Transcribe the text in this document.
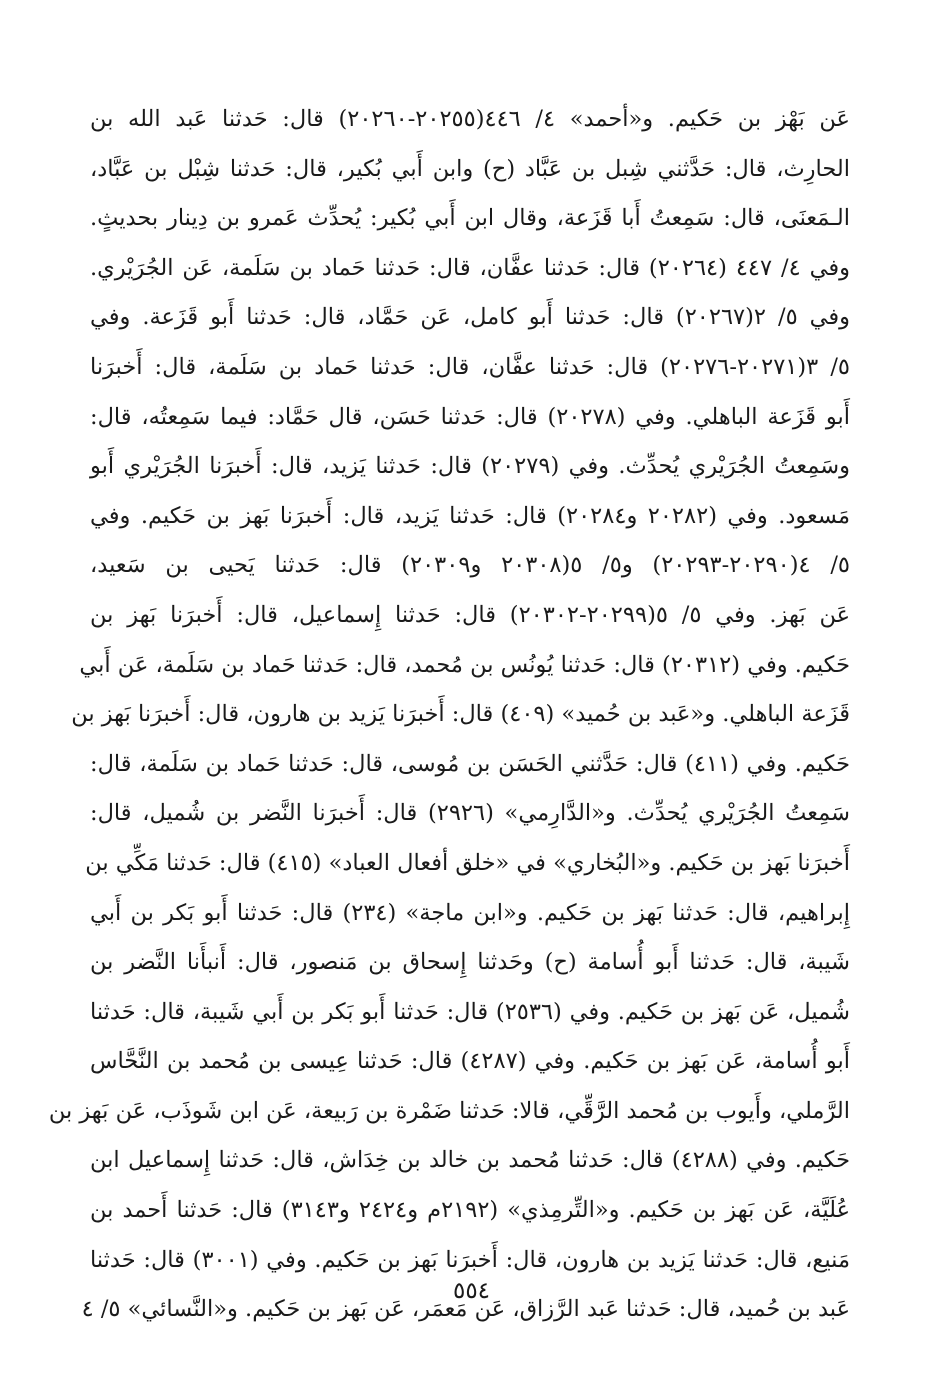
عَن بَهْز بن حَكيم. و«أحمد» ٤/ ٤٤٦(٢٠٢٥٥-٢٠٢٦٠) قال: حَدثنا عَبد الله بن
الحارِث، قال: حَدَّثني شِبل بن عَبَّاد (ح) وابن أَبي بُكير، قال: حَدثنا شِبْل بن عَبَّاد،
الـمَعنَى، قال: سَمِعتُ أَبا قَزَعة، وقال ابن أَبي بُكير: يُحدِّث عَمرو بن دِينار بحديثٍ.
وفي ٤/ ٤٤٧ (٢٠٢٦٤) قال: حَدثنا عفَّان، قال: حَدثنا حَماد بن سَلَمة، عَن الجُرَيْري.
وفي ٥/ ٢(٢٠٢٦٧) قال: حَدثنا أَبو كامل، عَن حَمَّاد، قال: حَدثنا أَبو قَزَعة. وفي
٥/ ٣(٢٠٢٧١-٢٠٢٧٦) قال: حَدثنا عفَّان، قال: حَدثنا حَماد بن سَلَمة، قال: أَخبرَنا
أَبو قَزَعة الباهلي. وفي (٢٠٢٧٨) قال: حَدثنا حَسَن، قال حَمَّاد: فيما سَمِعتُه، قال:
وسَمِعتُ الجُرَيْري يُحدِّث. وفي (٢٠٢٧٩) قال: حَدثنا يَزيد، قال: أَخبرَنا الجُرَيْري أَبو
مَسعود. وفي (٢٠٢٨٢ و٢٠٢٨٤) قال: حَدثنا يَزيد، قال: أَخبرَنا بَهز بن حَكيم. وفي
٥/ ٤(٢٠٢٩٠-٢٠٢٩٣) و٥/ ٥(٢٠٣٠٨ و٢٠٣٠٩) قال: حَدثنا يَحيى بن سَعيد،
عَن بَهز. وفي ٥/ ٥(٢٠٢٩٩-٢٠٣٠٢) قال: حَدثنا إِسماعيل، قال: أَخبرَنا بَهز بن
حَكيم. وفي (٢٠٣١٢) قال: حَدثنا يُونُس بن مُحمد، قال: حَدثنا حَماد بن سَلَمة، عَن أَبي
قَزَعة الباهلي. و«عَبد بن حُميد» (٤٠٩) قال: أَخبرَنا يَزيد بن هارون، قال: أَخبرَنا بَهز بن
حَكيم. وفي (٤١١) قال: حَدَّثني الحَسَن بن مُوسى، قال: حَدثنا حَماد بن سَلَمة، قال:
سَمِعتُ الجُرَيْري يُحدِّث. و«الدَّارِمي» (٢٩٢٦) قال: أَخبرَنا النَّضر بن شُميل، قال:
أَخبرَنا بَهز بن حَكيم. و«البُخاري» في «خلق أفعال العباد» (٤١٥) قال: حَدثنا مَكِّي بن
إِبراهيم، قال: حَدثنا بَهز بن حَكيم. و«ابن ماجة» (٢٣٤) قال: حَدثنا أَبو بَكر بن أَبي
شَيبة، قال: حَدثنا أَبو أُسامة (ح) وحَدثنا إِسحاق بن مَنصور، قال: أَنبأَنا النَّضر بن
شُميل، عَن بَهز بن حَكيم. وفي (٢٥٣٦) قال: حَدثنا أَبو بَكر بن أَبي شَيبة، قال: حَدثنا
أَبو أُسامة، عَن بَهز بن حَكيم. وفي (٤٢٨٧) قال: حَدثنا عِيسى بن مُحمد بن النَّحَّاس
الرَّملي، وأَيوب بن مُحمد الرَّقِّي، قالا: حَدثنا ضَمْرة بن رَبيعة، عَن ابن شَوذَب، عَن بَهز بن
حَكيم. وفي (٤٢٨٨) قال: حَدثنا مُحمد بن خالد بن خِدَاش، قال: حَدثنا إِسماعيل ابن
عُلَيَّة، عَن بَهز بن حَكيم. و«التِّرمِذي» (٢١٩٢م و٢٤٢٤ و٣١٤٣) قال: حَدثنا أَحمد بن
مَنيع، قال: حَدثنا يَزيد بن هارون، قال: أَخبرَنا بَهز بن حَكيم. وفي (٣٠٠١) قال: حَدثنا
عَبد بن حُميد، قال: حَدثنا عَبد الرَّزاق، عَن مَعمَر، عَن بَهز بن حَكيم. و«النَّسائي» ٥/ ٤
٥٥٤
